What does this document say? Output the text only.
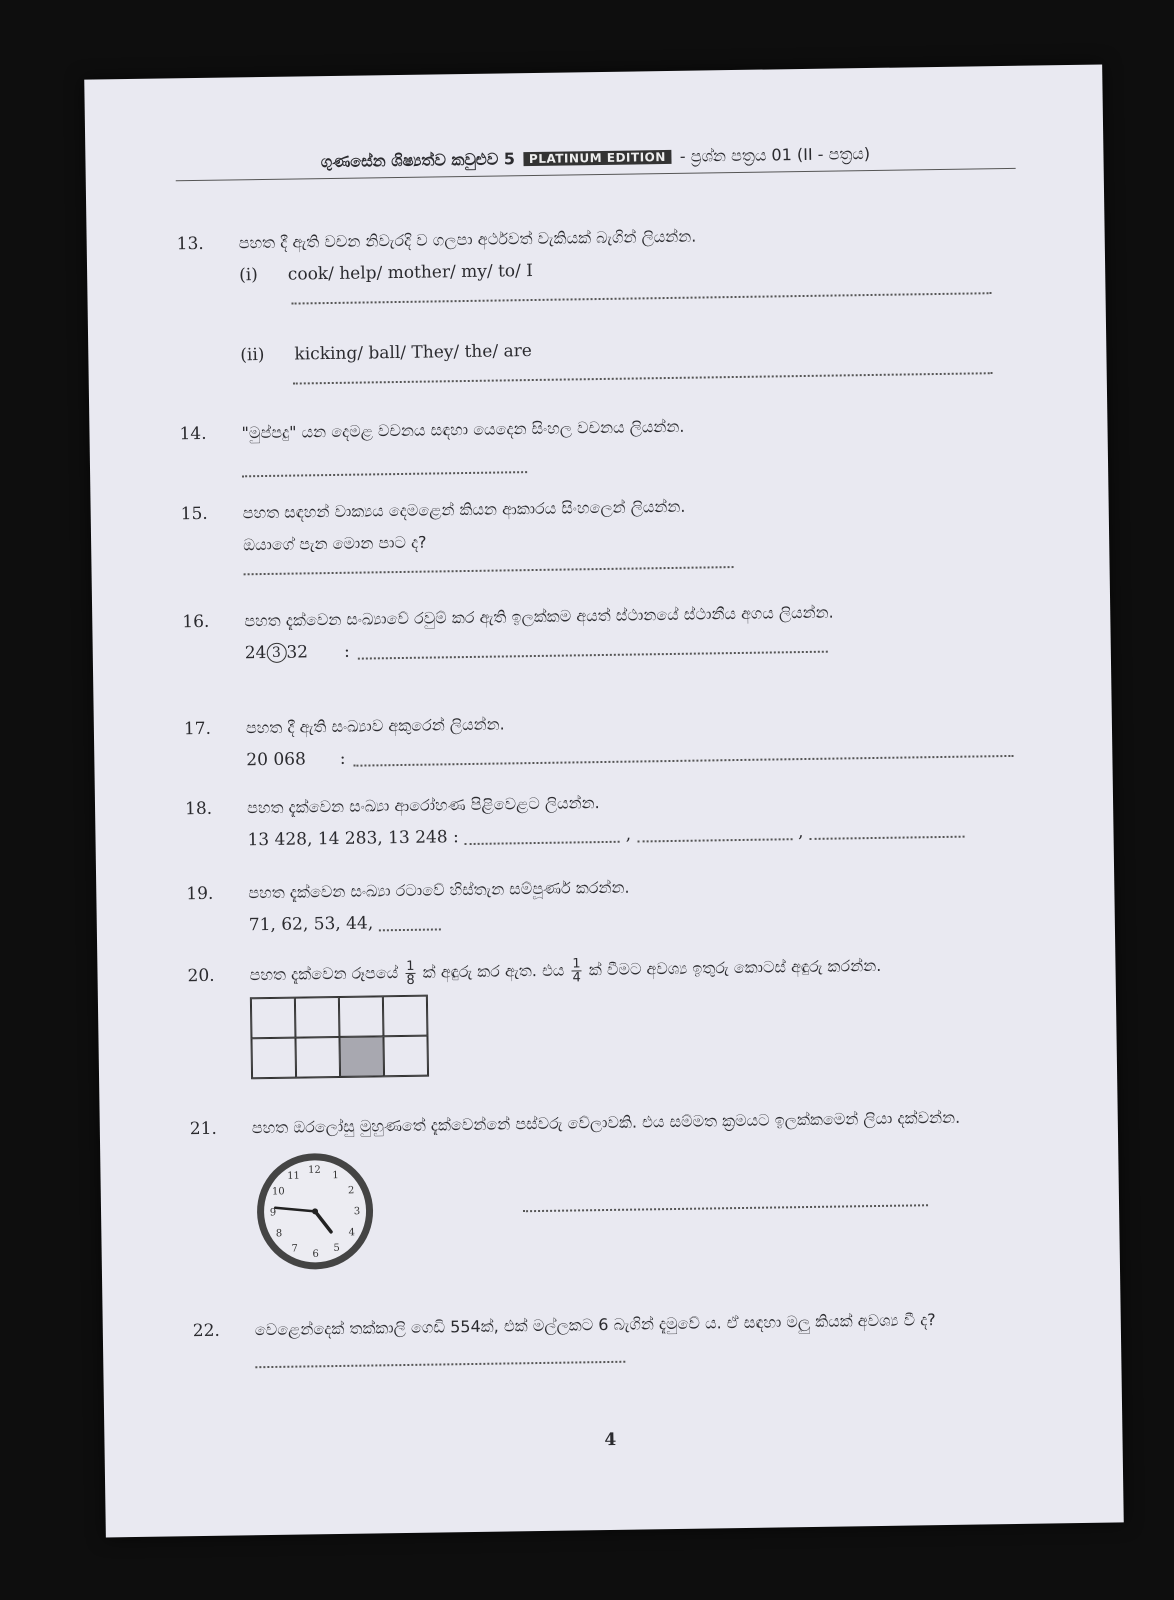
ගුණසේන ශිෂ්‍යත්ව කවුළුව 5	PLATINUM EDITION - ප්‍රශ්න පත්‍රය 01 (II - පත්‍රය)
13.	පහත දී ඇති වචන නිවැරදි ව ගලපා අර්ථවත් වැකියක් බැගින් ලියන්න.
(i) cook/ help/ mother/ my/ to/ I
(ii) kicking/ ball/ They/ the/ are
14.	"මුප්පදු" යන දෙමළ වචනය සඳහා යෙදෙන සිංහල වචනය ලියන්න.
15.	පහත සඳහන් වාක්‍යය දෙමළෙන් කියන ආකාරය සිංහලෙන් ලියන්න.
ඔයාගේ පැන මොන පාට ද?
16.	පහත දැක්වෙන සංඛ්‍යාවේ රවුම් කර ඇති ඉලක්කම අයත් ස්ථානයේ ස්ථානීය අගය ලියන්න.
24 3 32 :
17.	පහත දී ඇති සංඛ්‍යාව අකුරෙන් ලියන්න.
20 068 :
18.	පහත දැක්වෙන සංඛ්‍යා ආරෝහණ පිළිවෙළට ලියන්න.
13 428, 14 283, 13 248 :	,	,
19.	පහත දැක්වෙන සංඛ්‍යා රටාවේ හිස්තැන සම්පූර්ණ කරන්න.
71, 62, 53, 44,
20.	පහත දැක්වෙන රූපයේ $\frac{1}{8}$ ක් අඳුරු කර ඇත. එය $\frac{1}{4}$ ක් වීමට අවශ්‍ය ඉතුරු කොටස් අඳුරු කරන්න.
21.	පහත ඔරලෝසු මුහුණතේ දැක්වෙන්නේ පස්වරු වේලාවකි. එය සම්මත ක්‍රමයට ඉලක්කමෙන් ලියා දක්වන්න.
12 1
2
3
4
5
6
7
8
9
10
11
22.	වෙළෙන්දෙක් තක්කාලි ගෙඩි 554ක්, එක් මල්ලකට 6 බැගින් දැමුවේ ය. ඒ සඳහා මලු කියක් අවශ්‍ය වී ද?
4
